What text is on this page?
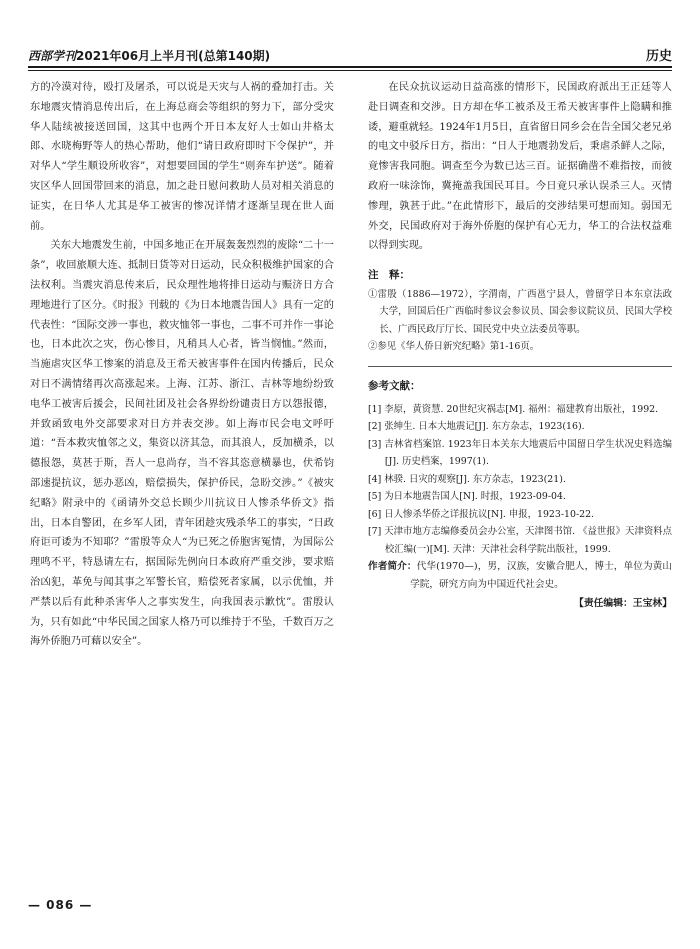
西部学刊2021年06月上半月刊(总第140期)	历史

方的冷漠对待，殴打及屠杀，可以说是天灾与人祸的叠加打击。关东地震灾情消息传出后，在上海总商会等组织的努力下，部分受灾华人陆续被接送回国，这其中也两个开日本友好人士如山井格太郎、水晓梅野等人的热心帮助，他们“请日政府即时下令保护”，并对华人“学生顺设所收容”，对想要回国的学生“则奔车护送”。随着灾区华人回国带回来的消息，加之赴日慰问救助人员对相关消息的证实，在日华人尤其是华工被害的惨况详情才逐渐呈现在世人面前。

关东大地震发生前，中国多地正在开展轰轰烈烈的废除“二十一条”，收回旅顺大连、抵制日货等对日运动，民众积极维护国家的合法权利。当震灾消息传来后，民众理性地将排日运动与赈济日方合理地进行了区分。《时报》刊载的《为日本地震告国人》具有一定的代表性：“国际交涉一事也，救灾恤邻一事也，二事不可并作一事论也，日本此次之灾，伤心惨目，凡稍具人心者，皆当悯恤。”然而，当施虐灾区华工惨案的消息及王希天被害事件在国内传播后，民众对日不满情绪再次高涨起来。上海、江苏、浙江、吉林等地纷纷致电华工被害后援会，民间社团及社会各界纷纷谴责日方以怨报德，并致函致电外交部要求对日方并表交涉。如上海市民会电文呼吁道：“吾本救灾恤邻之义，集资以济其急，而其浪人，反加横杀，以德报怨，莫甚于斯，吾人一息尚存，当不容其恣意横暴也，伏希钧部速提抗议，惩办恶凶，赔偿损失，保护侨民，急盼交涉。”《被灾纪略》附录中的《函请外交总长顾少川抗议日人惨杀华侨文》指出，日本自警团，在乡军人团，青年团趁灾残杀华工的事实，“日政府讵可诿为不知耶？”雷殷等众人“为已死之侨胞害冤情，为国际公理鸣不平，特恳请左右，据国际先例向日本政府严重交涉，要求赔治凶犯，革免与闻其事之军警长官，赔偿死者家属，以示优恤，并严禁以后有此种杀害华人之事实发生，向我国表示歉忱”。雷殷认为，只有如此“中华民国之国家人格乃可以维持于不坠，千数百万之海外侨胞乃可藉以安全”。

在民众抗议运动日益高涨的情形下，民国政府派出王正廷等人赴日调查和交涉。日方却在华工被杀及王希天被害事件上隐瞒和推诿，避重就轻。1924年1月5日，直省留日同乡会在告全国父老兄弟的电文中驳斥日方，指出：“日人于地震勃发后，秉虐杀鲜人之际，竟惨害我同胞。调查至今为数已达三百。证据确凿不难指按，而彼政府一味涂饰，冀掩盖我国民耳目。今日竟只承认误杀三人。灭情惨理，孰甚于此。”在此情形下，最后的交涉结果可想而知。弱国无外交，民国政府对于海外侨胞的保护有心无力，华工的合法权益难以得到实现。

注　释：

①雷殷（1886—1972），字渭南，广西邕宁县人，曾留学日本东京法政大学，回国后任广西临时参议会参议员、国会参议院议员、民国大学校长、广西民政厅厅长、国民党中央立法委员等职。

②参见《华人侨日新究纪略》第1-16页。

参考文献：

[1] 李原，黄资慧. 20世纪灾祸志[M]. 福州：福建教育出版社，1992.

[2] 张绅生. 日本大地震记[J]. 东方杂志，1923(16).

[3] 吉林省档案馆. 1923年日本关东大地震后中国留日学生状况史料选编[J]. 历史档案，1997(1).

[4] 林骙. 日灾的观察[J]. 东方杂志，1923(21).

[5] 为日本地震告国人[N]. 时报，1923-09-04.

[6] 日人惨杀华侨之详报抗议[N]. 申报，1923-10-22.

[7] 天津市地方志编修委员会办公室，天津图书馆. 《益世报》天津资料点校汇编(一)[M]. 天津：天津社会科学院出版社，1999.

作者简介：代华(1970—)，男，汉族，安徽合肥人，博士，单位为黄山学院，研究方向为中国近代社会史。

【责任编辑：王宝林】

— 086 —
